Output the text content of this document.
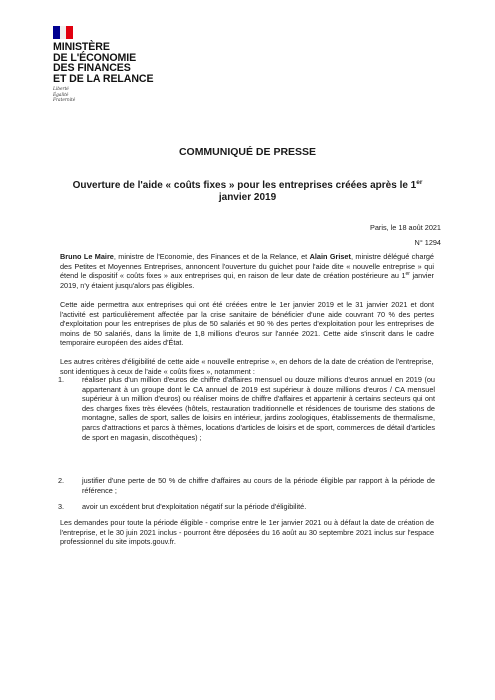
MINISTÈRE
DE L'ÉCONOMIE
DES FINANCES
ET DE LA RELANCE
Liberté
Égalité
Fraternité
COMMUNIQUÉ DE PRESSE
Ouverture de l'aide « coûts fixes » pour les entreprises créées après le 1er
janvier 2019
Paris, le 18 août 2021
N° 1294
Bruno Le Maire, ministre de l'Economie, des Finances et de la Relance, et Alain Griset, ministre délégué chargé des Petites et Moyennes Entreprises, annoncent l'ouverture du guichet pour l'aide dite « nouvelle entreprise » qui étend le dispositif « coûts fixes » aux entreprises qui, en raison de leur date de création postérieure au 1er janvier 2019, n'y étaient jusqu'alors pas éligibles.
Cette aide permettra aux entreprises qui ont été créées entre le 1er janvier 2019 et le 31 janvier 2021 et dont l'activité est particulièrement affectée par la crise sanitaire de bénéficier d'une aide couvrant 70 % des pertes d'exploitation pour les entreprises de plus de 50 salariés et 90 % des pertes d'exploitation pour les entreprises de moins de 50 salariés, dans la limite de 1,8 millions d'euros sur l'année 2021. Cette aide s'inscrit dans le cadre temporaire européen des aides d'État.
Les autres critères d'éligibilité de cette aide « nouvelle entreprise », en dehors de la date de création de l'entreprise, sont identiques à ceux de l'aide « coûts fixes », notamment :
1. réaliser plus d'un million d'euros de chiffre d'affaires mensuel ou douze millions d'euros annuel en 2019 (ou appartenant à un groupe dont le CA annuel de 2019 est supérieur à douze millions d'euros / CA mensuel supérieur à un million d'euros) ou réaliser moins de chiffre d'affaires et appartenir à certains secteurs qui ont des charges fixes très élevées (hôtels, restauration traditionnelle et résidences de tourisme des stations de montagne, salles de sport, salles de loisirs en intérieur, jardins zoologiques, établissements de thermalisme, parcs d'attractions et parcs à thèmes, locations d'articles de loisirs et de sport, commerces de détail d'articles de sport en magasin, discothèques) ;
2. justifier d'une perte de 50 % de chiffre d'affaires au cours de la période éligible par rapport à la période de référence ;
3. avoir un excédent brut d'exploitation négatif sur la période d'éligibilité.
Les demandes pour toute la période éligible - comprise entre le 1er janvier 2021 ou à défaut la date de création de l'entreprise, et le 30 juin 2021 inclus - pourront être déposées du 16 août au 30 septembre 2021 inclus sur l'espace professionnel du site impots.gouv.fr.
